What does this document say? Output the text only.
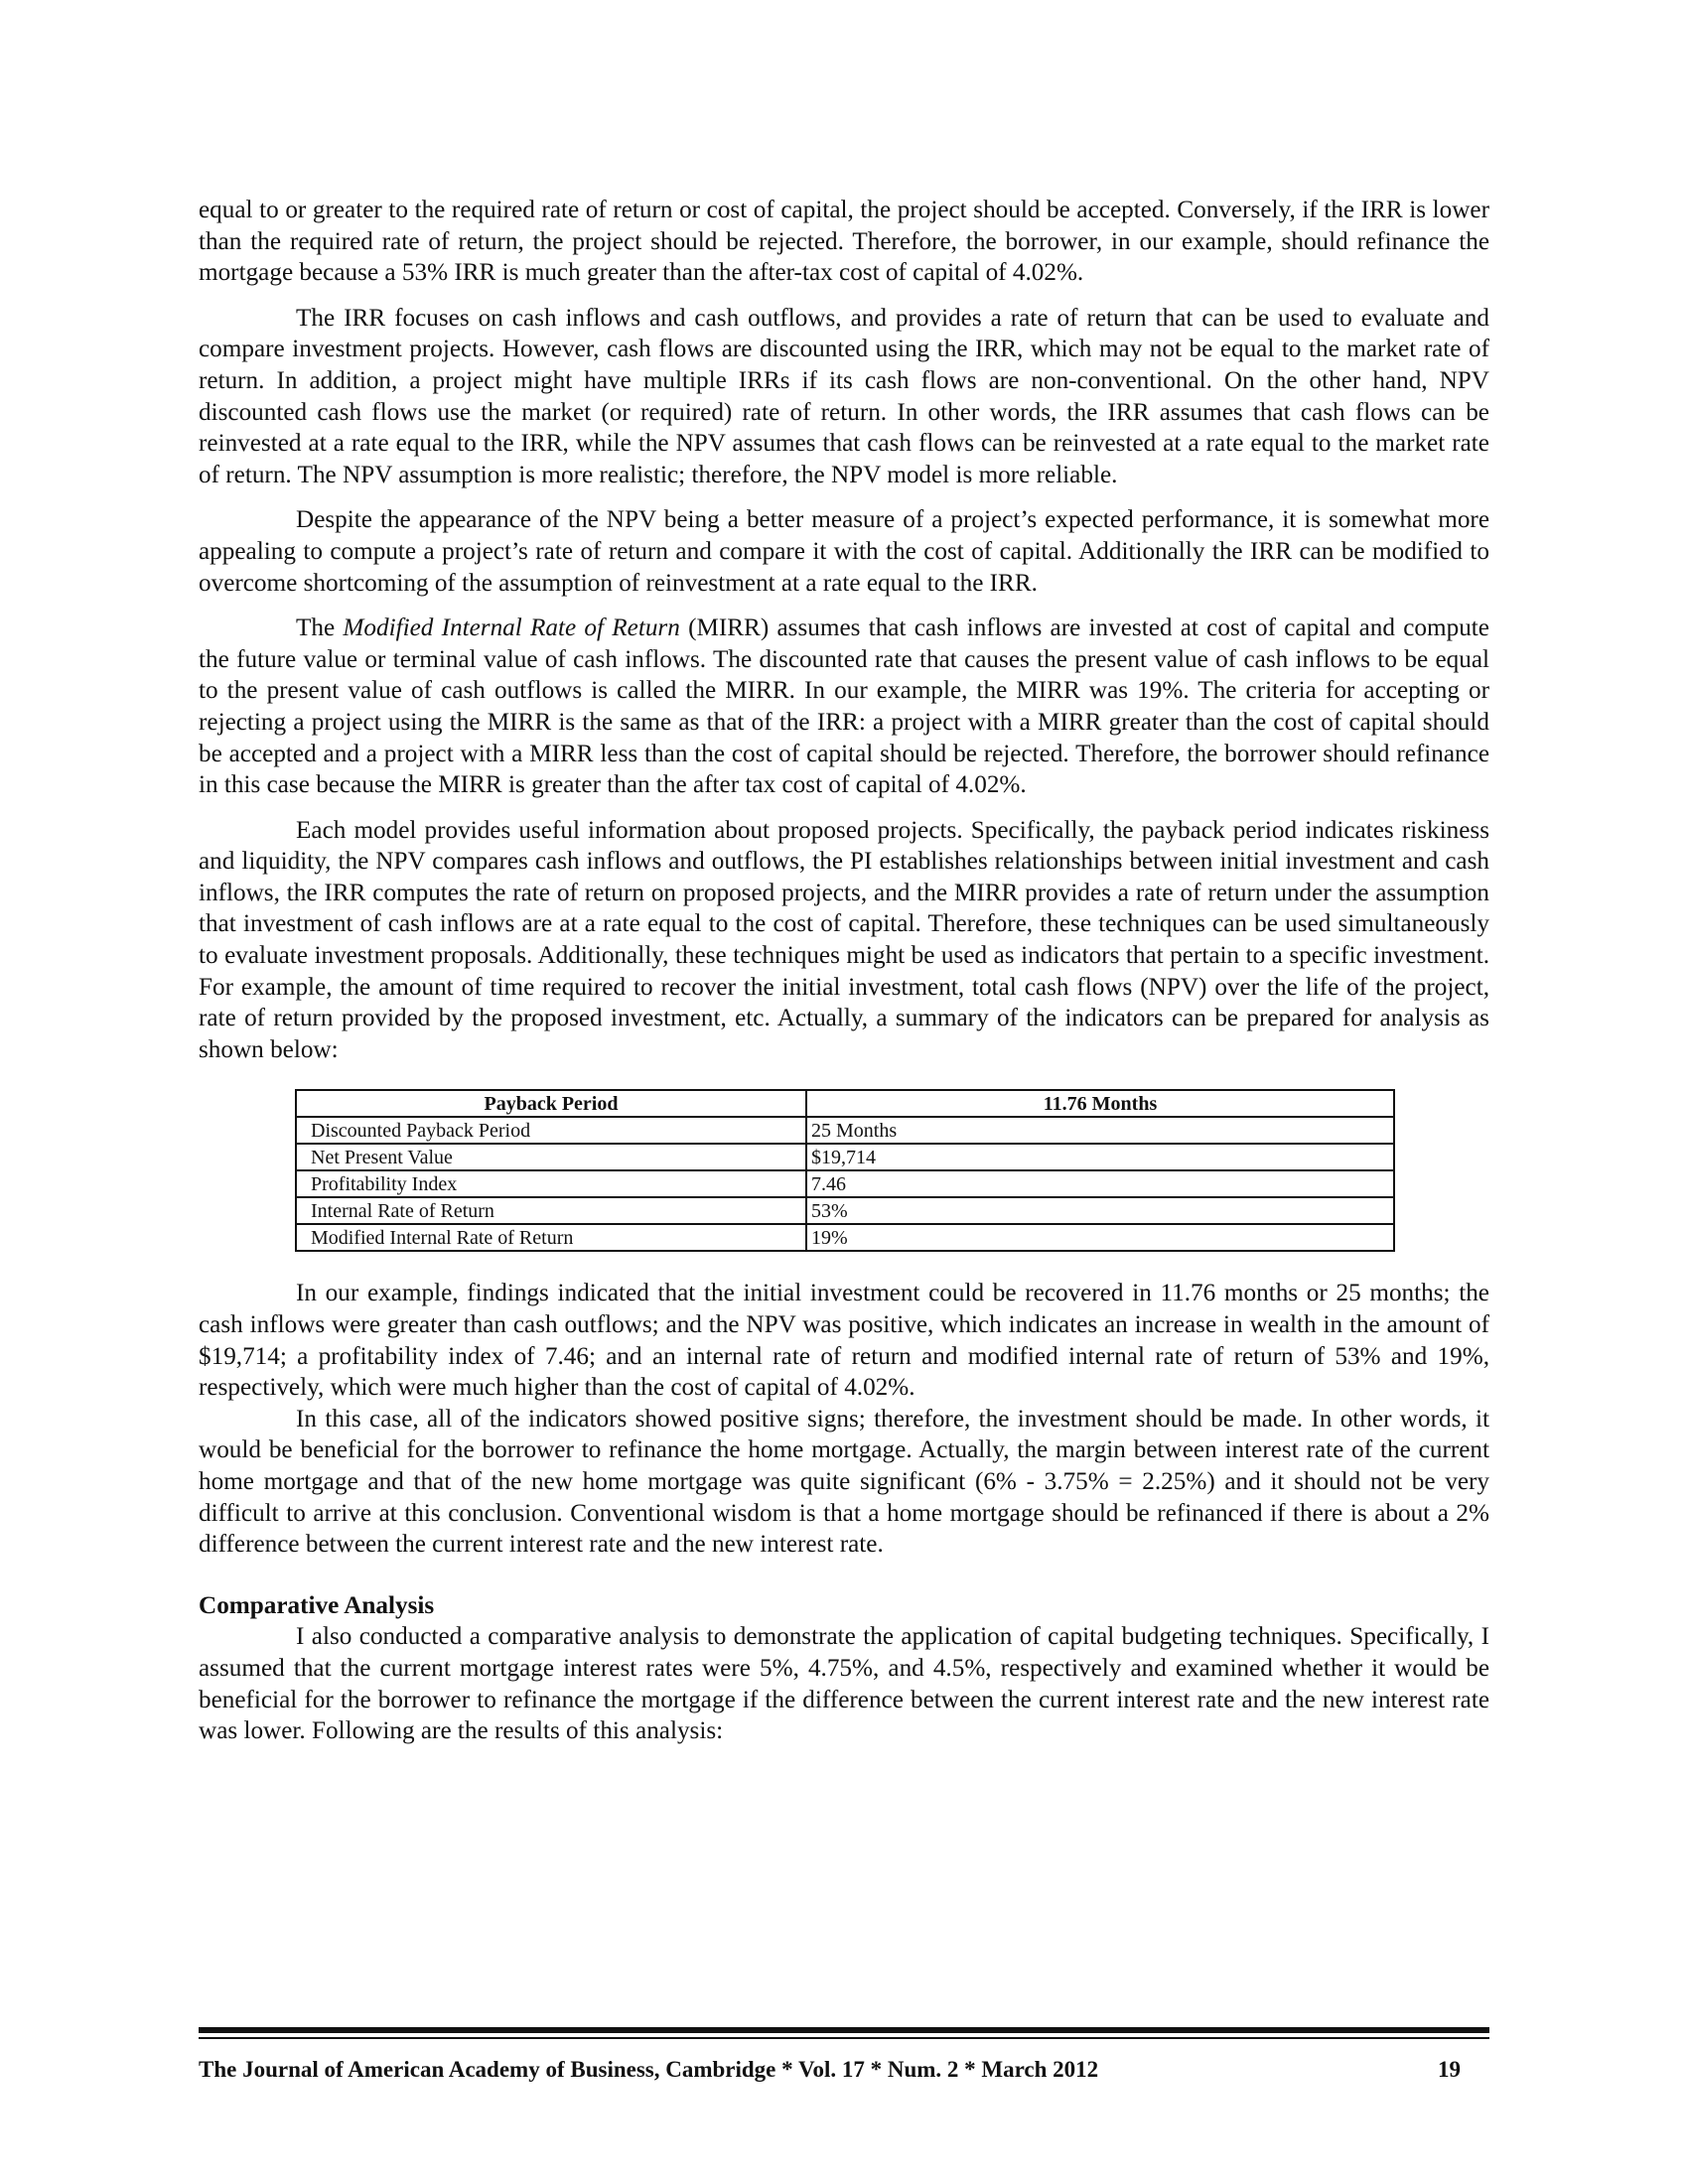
equal to or greater to the required rate of return or cost of capital, the project should be accepted. Conversely, if the IRR is lower than the required rate of return, the project should be rejected. Therefore, the borrower, in our example, should refinance the mortgage because a 53% IRR is much greater than the after-tax cost of capital of 4.02%.

The IRR focuses on cash inflows and cash outflows, and provides a rate of return that can be used to evaluate and compare investment projects. However, cash flows are discounted using the IRR, which may not be equal to the market rate of return. In addition, a project might have multiple IRRs if its cash flows are non-conventional. On the other hand, NPV discounted cash flows use the market (or required) rate of return. In other words, the IRR assumes that cash flows can be reinvested at a rate equal to the IRR, while the NPV assumes that cash flows can be reinvested at a rate equal to the market rate of return. The NPV assumption is more realistic; therefore, the NPV model is more reliable.

Despite the appearance of the NPV being a better measure of a project’s expected performance, it is somewhat more appealing to compute a project’s rate of return and compare it with the cost of capital. Additionally the IRR can be modified to overcome shortcoming of the assumption of reinvestment at a rate equal to the IRR.

The Modified Internal Rate of Return (MIRR) assumes that cash inflows are invested at cost of capital and compute the future value or terminal value of cash inflows. The discounted rate that causes the present value of cash inflows to be equal to the present value of cash outflows is called the MIRR. In our example, the MIRR was 19%. The criteria for accepting or rejecting a project using the MIRR is the same as that of the IRR: a project with a MIRR greater than the cost of capital should be accepted and a project with a MIRR less than the cost of capital should be rejected. Therefore, the borrower should refinance in this case because the MIRR is greater than the after tax cost of capital of 4.02%.

Each model provides useful information about proposed projects. Specifically, the payback period indicates riskiness and liquidity, the NPV compares cash inflows and outflows, the PI establishes relationships between initial investment and cash inflows, the IRR computes the rate of return on proposed projects, and the MIRR provides a rate of return under the assumption that investment of cash inflows are at a rate equal to the cost of capital. Therefore, these techniques can be used simultaneously to evaluate investment proposals. Additionally, these techniques might be used as indicators that pertain to a specific investment. For example, the amount of time required to recover the initial investment, total cash flows (NPV) over the life of the project, rate of return provided by the proposed investment, etc. Actually, a summary of the indicators can be prepared for analysis as shown below:

Payback Period	11.76 Months
Discounted Payback Period	25 Months
Net Present Value	$19,714
Profitability Index	7.46
Internal Rate of Return	53%
Modified Internal Rate of Return	19%

In our example, findings indicated that the initial investment could be recovered in 11.76 months or 25 months; the cash inflows were greater than cash outflows; and the NPV was positive, which indicates an increase in wealth in the amount of $19,714; a profitability index of 7.46; and an internal rate of return and modified internal rate of return of 53% and 19%, respectively, which were much higher than the cost of capital of 4.02%.

In this case, all of the indicators showed positive signs; therefore, the investment should be made. In other words, it would be beneficial for the borrower to refinance the home mortgage. Actually, the margin between interest rate of the current home mortgage and that of the new home mortgage was quite significant (6% - 3.75% = 2.25%) and it should not be very difficult to arrive at this conclusion. Conventional wisdom is that a home mortgage should be refinanced if there is about a 2% difference between the current interest rate and the new interest rate.

Comparative Analysis

I also conducted a comparative analysis to demonstrate the application of capital budgeting techniques. Specifically, I assumed that the current mortgage interest rates were 5%, 4.75%, and 4.5%, respectively and examined whether it would be beneficial for the borrower to refinance the mortgage if the difference between the current interest rate and the new interest rate was lower. Following are the results of this analysis:

The Journal of American Academy of Business, Cambridge * Vol. 17 * Num. 2 * March 2012	19
